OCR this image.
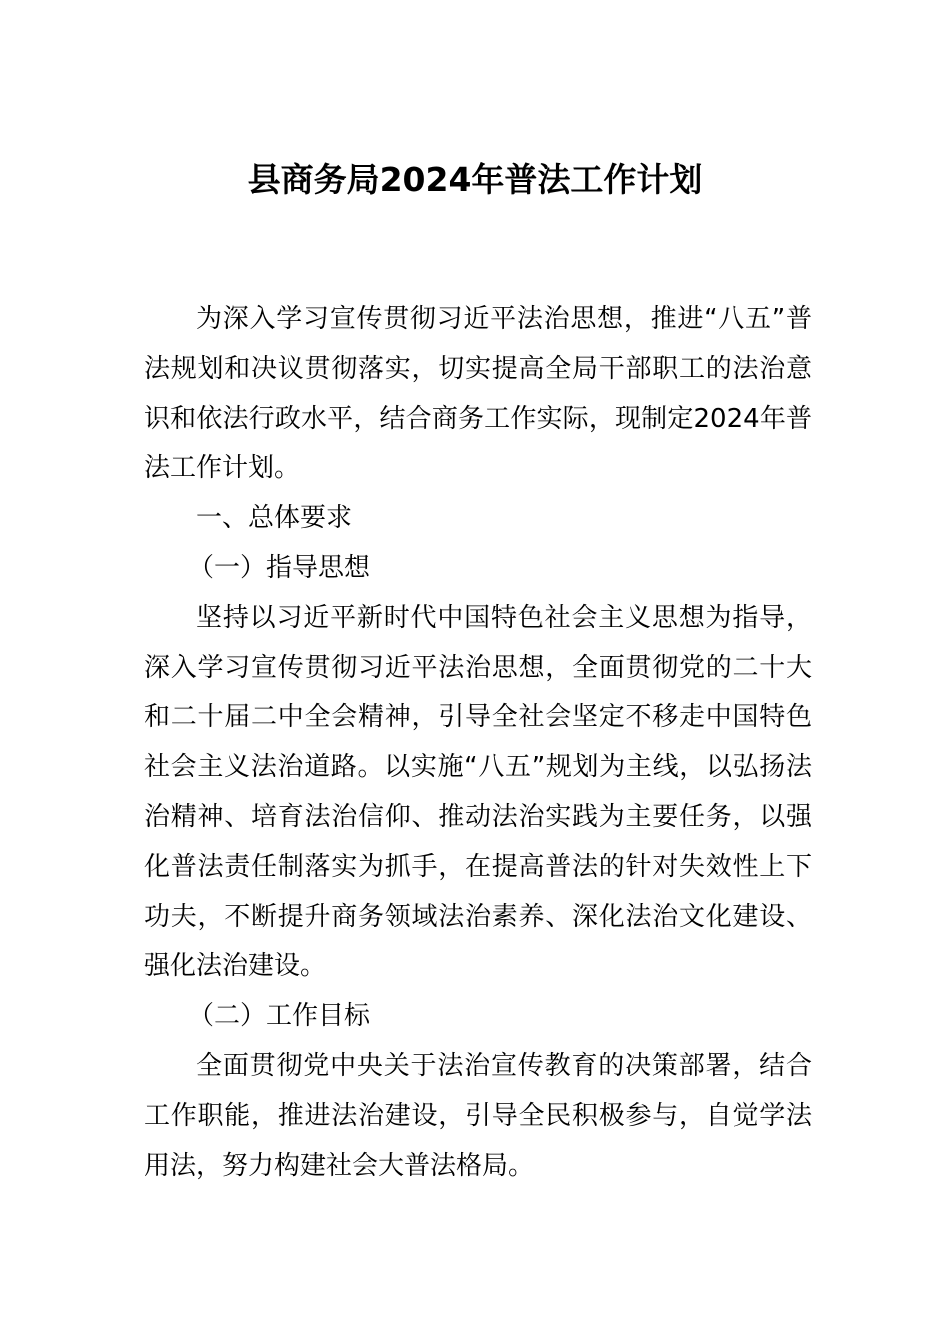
县商务局2024年普法工作计划

为深入学习宣传贯彻习近平法治思想，推进“八五”普法规划和决议贯彻落实，切实提高全局干部职工的法治意识和依法行政水平，结合商务工作实际，现制定2024年普法工作计划。

一、总体要求

（一）指导思想

坚持以习近平新时代中国特色社会主义思想为指导，深入学习宣传贯彻习近平法治思想，全面贯彻党的二十大和二十届二中全会精神，引导全社会坚定不移走中国特色社会主义法治道路。以实施“八五”规划为主线，以弘扬法治精神、培育法治信仰、推动法治实践为主要任务，以强化普法责任制落实为抓手，在提高普法的针对失效性上下功夫，不断提升商务领域法治素养、深化法治文化建设、强化法治建设。

（二）工作目标

全面贯彻党中央关于法治宣传教育的决策部署，结合工作职能，推进法治建设，引导全民积极参与，自觉学法用法，努力构建社会大普法格局。
